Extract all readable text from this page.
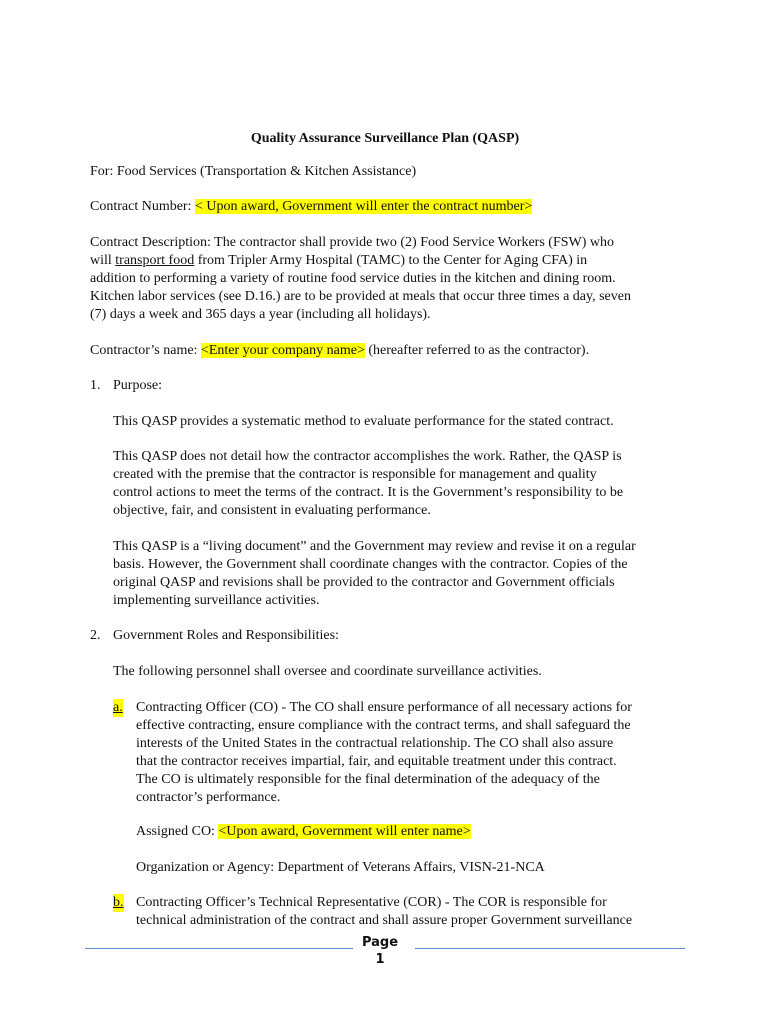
Quality Assurance Surveillance Plan (QASP)
For: Food Services (Transportation & Kitchen Assistance)
Contract Number: < Upon award, Government will enter the contract number>
Contract Description: The contractor shall provide two (2) Food Service Workers (FSW) who
will transport food from Tripler Army Hospital (TAMC) to the Center for Aging CFA) in
addition to performing a variety of routine food service duties in the kitchen and dining room.
Kitchen labor services (see D.16.) are to be provided at meals that occur three times a day, seven
(7) days a week and 365 days a year (including all holidays).
Contractor’s name: <Enter your company name> (hereafter referred to as the contractor).
1. Purpose:
This QASP provides a systematic method to evaluate performance for the stated contract.
This QASP does not detail how the contractor accomplishes the work. Rather, the QASP is
created with the premise that the contractor is responsible for management and quality
control actions to meet the terms of the contract. It is the Government’s responsibility to be
objective, fair, and consistent in evaluating performance.
This QASP is a “living document” and the Government may review and revise it on a regular
basis. However, the Government shall coordinate changes with the contractor. Copies of the
original QASP and revisions shall be provided to the contractor and Government officials
implementing surveillance activities.
2. Government Roles and Responsibilities:
The following personnel shall oversee and coordinate surveillance activities.
a. Contracting Officer (CO) - The CO shall ensure performance of all necessary actions for
effective contracting, ensure compliance with the contract terms, and shall safeguard the
interests of the United States in the contractual relationship. The CO shall also assure
that the contractor receives impartial, fair, and equitable treatment under this contract.
The CO is ultimately responsible for the final determination of the adequacy of the
contractor’s performance.
Assigned CO: <Upon award, Government will enter name>
Organization or Agency: Department of Veterans Affairs, VISN-21-NCA
b. Contracting Officer’s Technical Representative (COR) - The COR is responsible for
technical administration of the contract and shall assure proper Government surveillance
Page
1
